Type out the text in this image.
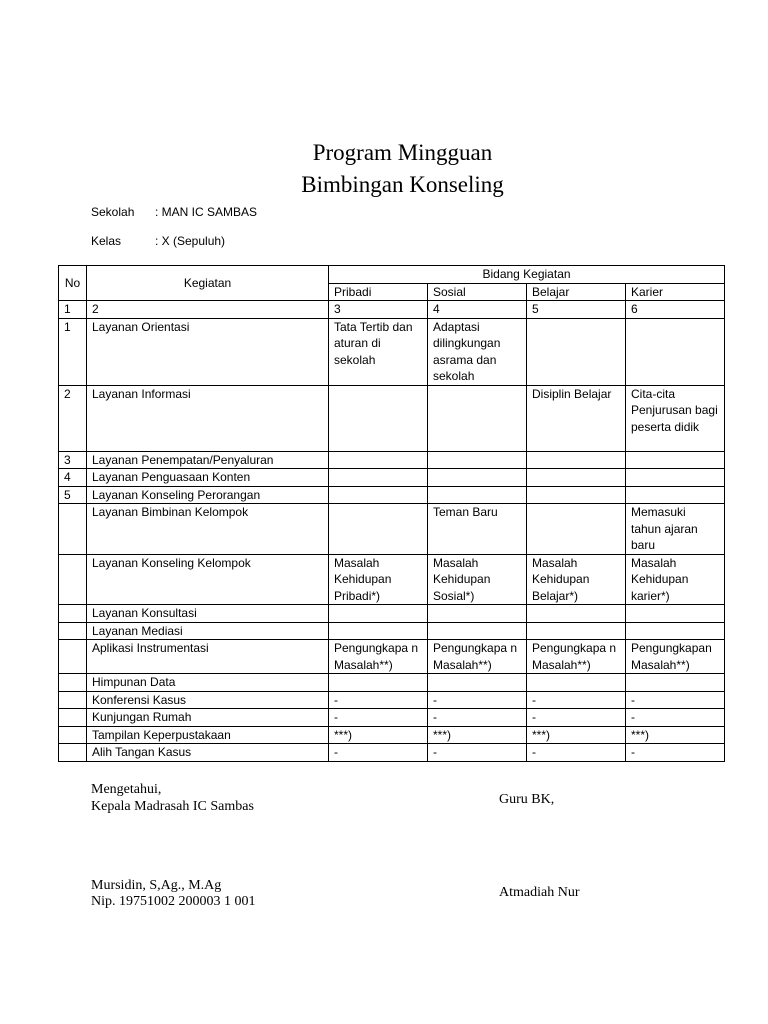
Program Mingguan
Bimbingan Konseling
Sekolah : MAN IC SAMBAS
Kelas	: X (Sepuluh)
No	Kegiatan	Bidang Kegiatan			
		Pribadi	Sosial	Belajar	Karier
1	2	3	4	5	6
1	Layanan Orientasi	Tata Tertib dan aturan di sekolah	Adaptasi dilingkungan asrama dan sekolah		
2	Layanan Informasi			Disiplin Belajar	Cita-cita Penjurusan bagi peserta didik
3	Layanan Penempatan/Penyaluran				
4	Layanan Penguasaan Konten				
5	Layanan Konseling Perorangan				
	Layanan Bimbinan Kelompok		Teman Baru		Memasuki tahun ajaran baru
	Layanan Konseling Kelompok	Masalah Kehidupan Pribadi*)	Masalah Kehidupan Sosial*)	Masalah Kehidupan Belajar*)	Masalah Kehidupan karier*)
	Layanan Konsultasi				
	Layanan Mediasi				
	Aplikasi Instrumentasi	Pengungkapa n Masalah**)	Pengungkapa n Masalah**)	Pengungkapa n Masalah**)	Pengungkapan Masalah**)
	Himpunan Data				
	Konferensi Kasus	-	-	-	-
	Kunjungan Rumah	-	-	-	-
	Tampilan Keperpustakaan	***)	***)	***)	***)
	Alih Tangan Kasus	-	-	-	-
Mengetahui,
Kepala Madrasah IC Sambas
Mursidin, S,Ag., M.Ag
Nip. 19751002 200003 1 001
Guru BK,
Atmadiah Nur
